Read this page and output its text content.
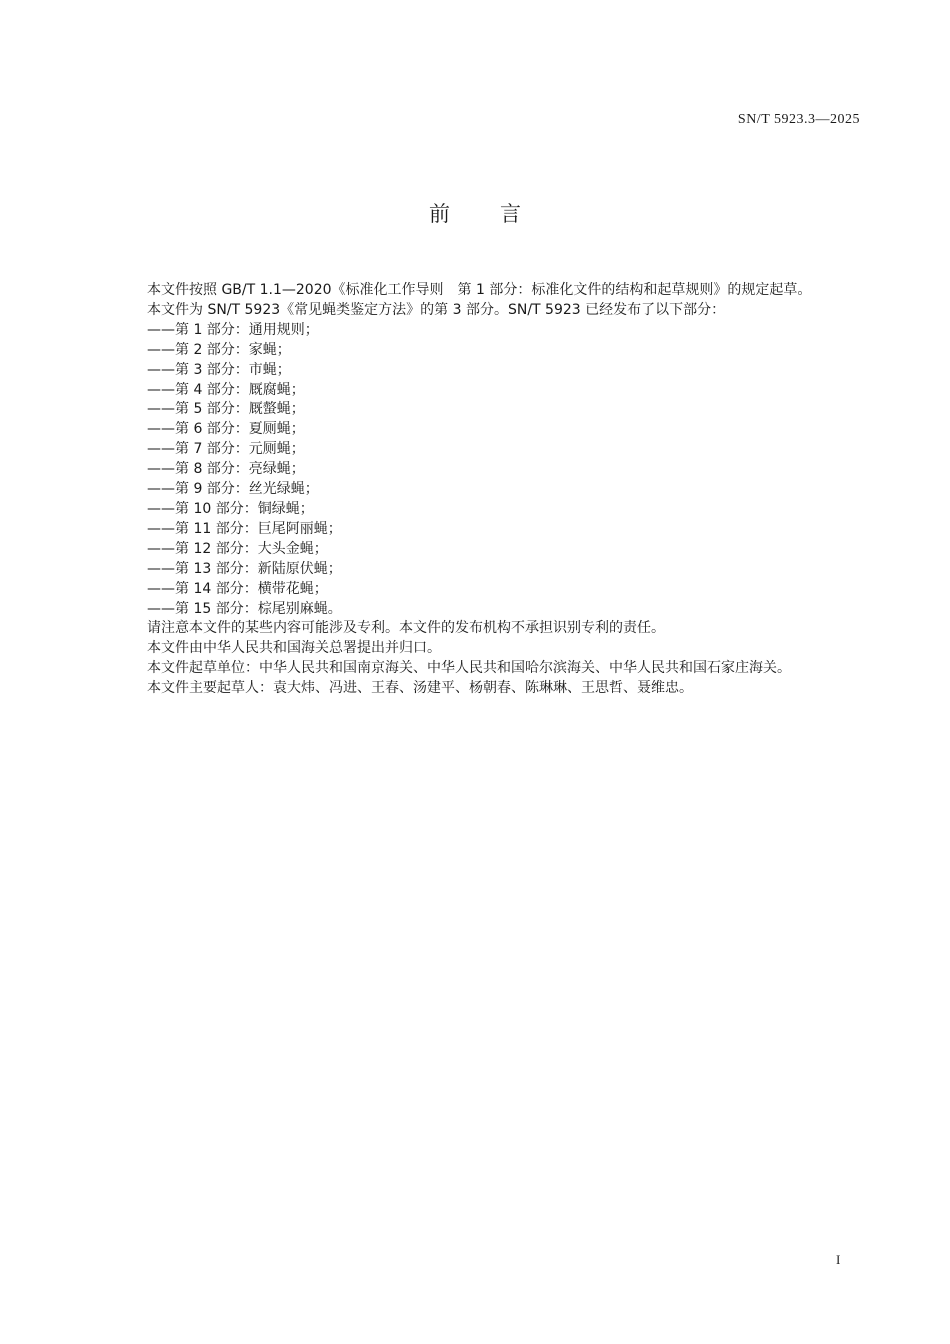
SN/T 5923.3—2025

前言

本文件按照 GB/T 1.1—2020《标准化工作导则　第 1 部分：标准化文件的结构和起草规则》的规定起草。

本文件为 SN/T 5923《常见蝇类鉴定方法》的第 3 部分。SN/T 5923 已经发布了以下部分：

——第 1 部分：通用规则；

——第 2 部分：家蝇；

——第 3 部分：市蝇；

——第 4 部分：厩腐蝇；

——第 5 部分：厩螫蝇；

——第 6 部分：夏厕蝇；

——第 7 部分：元厕蝇；

——第 8 部分：亮绿蝇；

——第 9 部分：丝光绿蝇；

——第 10 部分：铜绿蝇；

——第 11 部分：巨尾阿丽蝇；

——第 12 部分：大头金蝇；

——第 13 部分：新陆原伏蝇；

——第 14 部分：横带花蝇；

——第 15 部分：棕尾别麻蝇。

请注意本文件的某些内容可能涉及专利。本文件的发布机构不承担识别专利的责任。

本文件由中华人民共和国海关总署提出并归口。

本文件起草单位：中华人民共和国南京海关、中华人民共和国哈尔滨海关、中华人民共和国石家庄海关。

本文件主要起草人：袁大炜、冯进、王春、汤建平、杨朝春、陈琳琳、王思哲、聂维忠。

I
